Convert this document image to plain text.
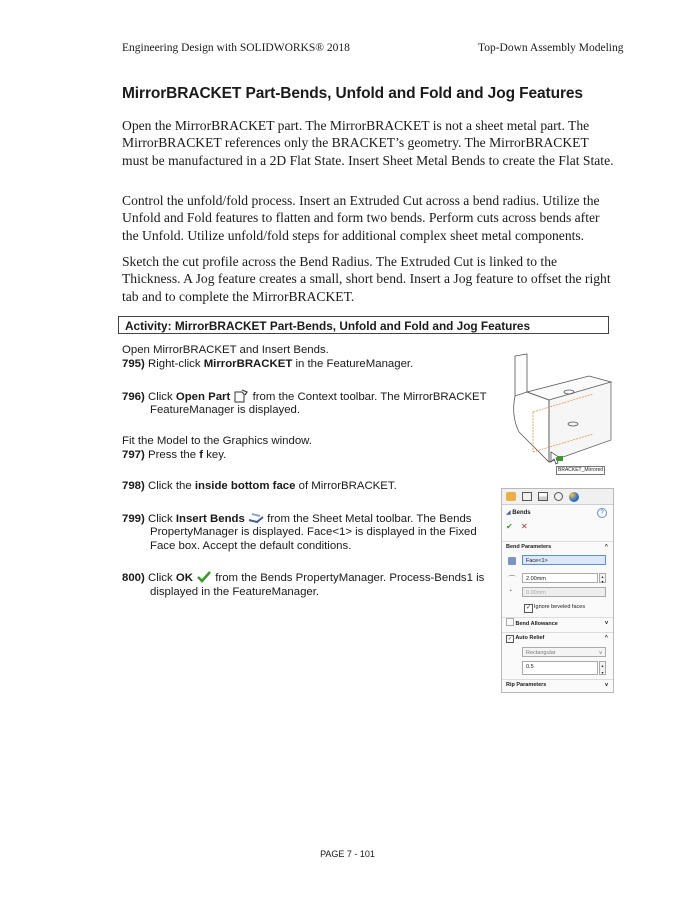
Engineering Design with SOLIDWORKS® 2018	Top-Down Assembly Modeling
MirrorBRACKET Part-Bends, Unfold and Fold and Jog Features

Open the MirrorBRACKET part. The MirrorBRACKET is not a sheet metal part. The MirrorBRACKET references only the BRACKET’s geometry. The MirrorBRACKET must be manufactured in a 2D Flat State. Insert Sheet Metal Bends to create the Flat State.

Control the unfold/fold process. Insert an Extruded Cut across a bend radius. Utilize the Unfold and Fold features to flatten and form two bends. Perform cuts across bends after the Unfold. Utilize unfold/fold steps for additional complex sheet metal components.

Sketch the cut profile across the Bend Radius. The Extruded Cut is linked to the Thickness. A Jog feature creates a small, short bend. Insert a Jog feature to offset the right tab and to complete the MirrorBRACKET.

Activity: MirrorBRACKET Part-Bends, Unfold and Fold and Jog Features
Open MirrorBRACKET and Insert Bends.
795) Right-click MirrorBRACKET in the FeatureManager.
796) Click Open Part  from the Context toolbar. The MirrorBRACKET
FeatureManager is displayed.
Fit the Model to the Graphics window.
797) Press the f key.
798) Click the inside bottom face of MirrorBRACKET.
799) Click Insert Bends  from the Sheet Metal toolbar. The Bends
PropertyManager is displayed. Face<1> is displayed in the Fixed
Face box. Accept the default conditions.
800) Click OK  from the Bends PropertyManager. Process-Bends1 is
displayed in the FeatureManager.
BRACKET_Mirrored
◢ Bends	?
✔ ✕
Bend Parameters	^
Face<1>
⌒	2.00mm	▴
▾
◔	0.00mm
✓ Ignore beveled faces
Bend Allowance	v
✓ Auto Relief	^
Rectangular	v
0.5	▴
▾
Rip Parameters	v
PAGE 7 - 101
